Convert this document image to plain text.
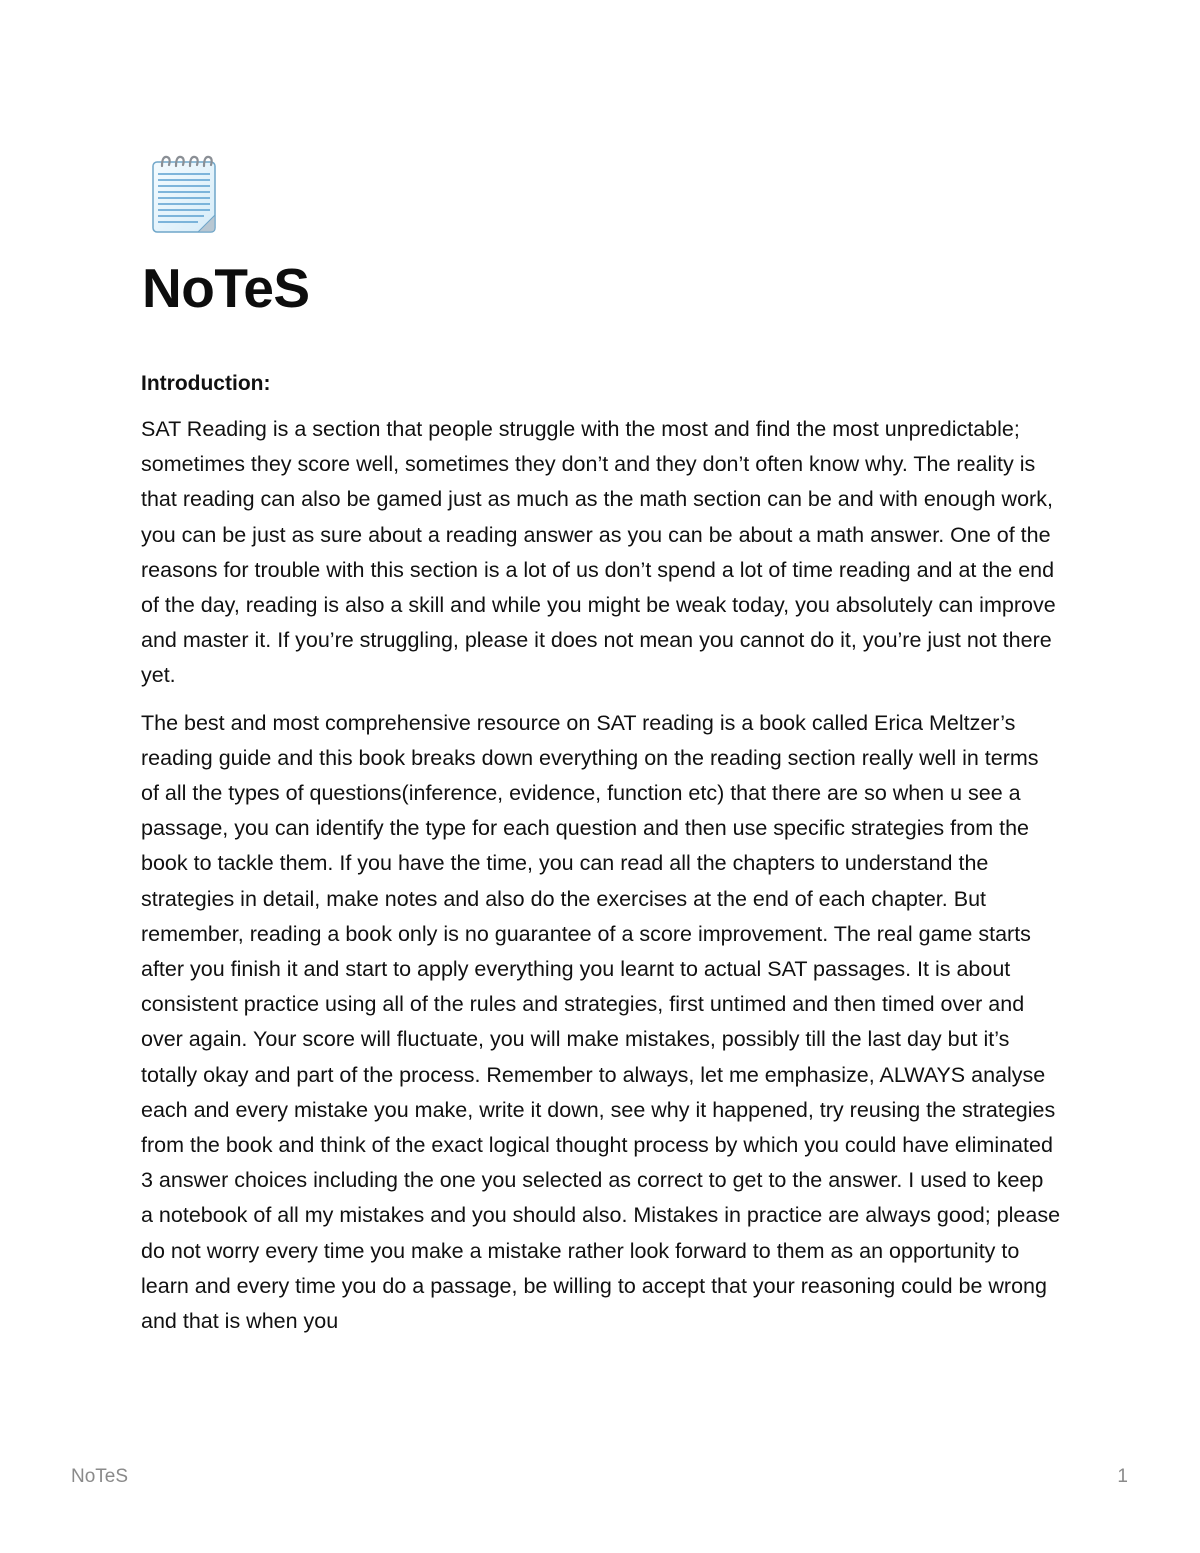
NoTeS

Introduction:

SAT Reading is a section that people struggle with the most and find the most unpredictable; sometimes they score well, sometimes they don’t and they don’t often know why. The reality is that reading can also be gamed just as much as the math section can be and with enough work, you can be just as sure about a reading answer as you can be about a math answer. One of the reasons for trouble with this section is a lot of us don’t spend a lot of time reading and at the end of the day, reading is also a skill and while you might be weak today, you absolutely can improve and master it. If you’re struggling, please it does not mean you cannot do it, you’re just not there yet.

The best and most comprehensive resource on SAT reading is a book called Erica Meltzer’s reading guide and this book breaks down everything on the reading section really well in terms of all the types of questions(inference, evidence, function etc) that there are so when u see a passage, you can identify the type for each question and then use specific strategies from the book to tackle them. If you have the time, you can read all the chapters to understand the strategies in detail, make notes and also do the exercises at the end of each chapter. But remember, reading a book only is no guarantee of a score improvement. The real game starts after you finish it and start to apply everything you learnt to actual SAT passages. It is about consistent practice using all of the rules and strategies, first untimed and then timed over and over again. Your score will fluctuate, you will make mistakes, possibly till the last day but it’s totally okay and part of the process. Remember to always, let me emphasize, ALWAYS analyse each and every mistake you make, write it down, see why it happened, try reusing the strategies from the book and think of the exact logical thought process by which you could have eliminated 3 answer choices including the one you selected as correct to get to the answer. I used to keep a notebook of all my mistakes and you should also. Mistakes in practice are always good; please do not worry every time you make a mistake rather look forward to them as an opportunity to learn and every time you do a passage, be willing to accept that your reasoning could be wrong and that is when you

NoTeS	1
